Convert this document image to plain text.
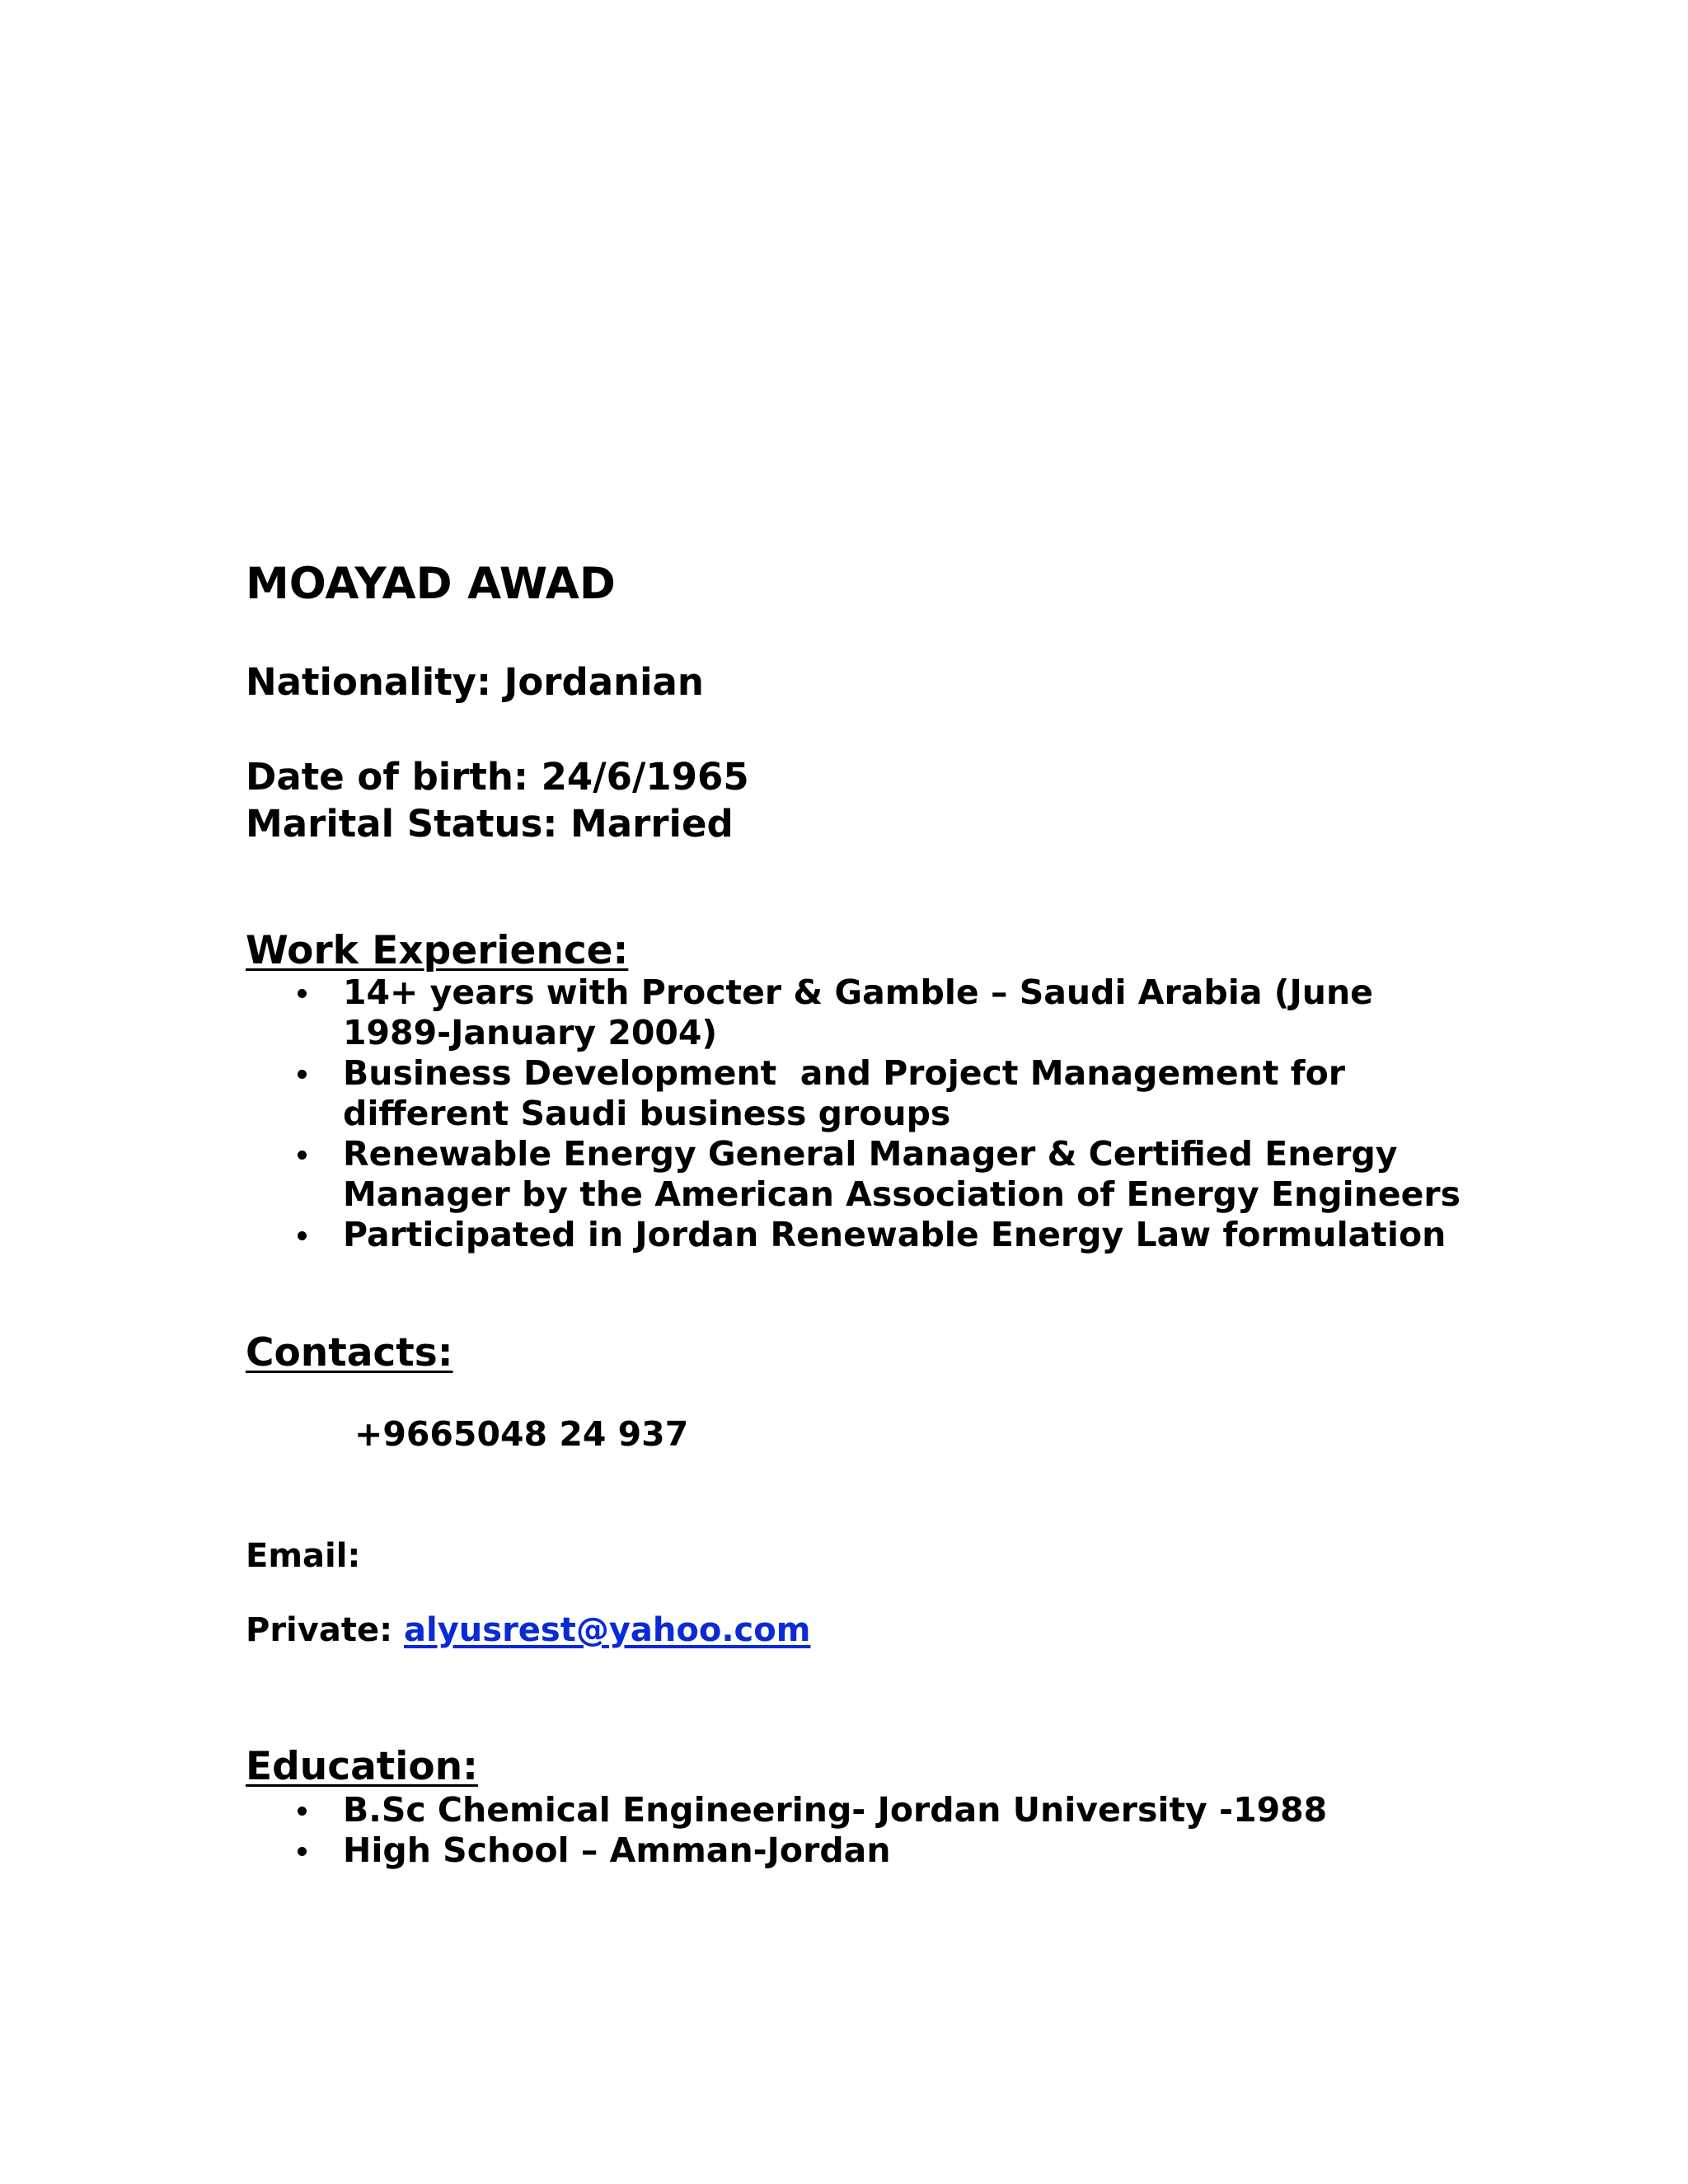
MOAYAD AWAD

Nationality: Jordanian

Date of birth: 24/6/1965

Marital Status: Married

Work Experience:
14+ years with Procter & Gamble – Saudi Arabia (June
1989-January 2004)
Business Development  and Project Management for
different Saudi business groups
Renewable Energy General Manager & Certified Energy
Manager by the American Association of Energy Engineers
Participated in Jordan Renewable Energy Law formulation
Contacts:

+9665048 24 937

Email:

Private: alyusrest@yahoo.com

Education:
B.Sc Chemical Engineering- Jordan University -1988
High School – Amman-Jordan
